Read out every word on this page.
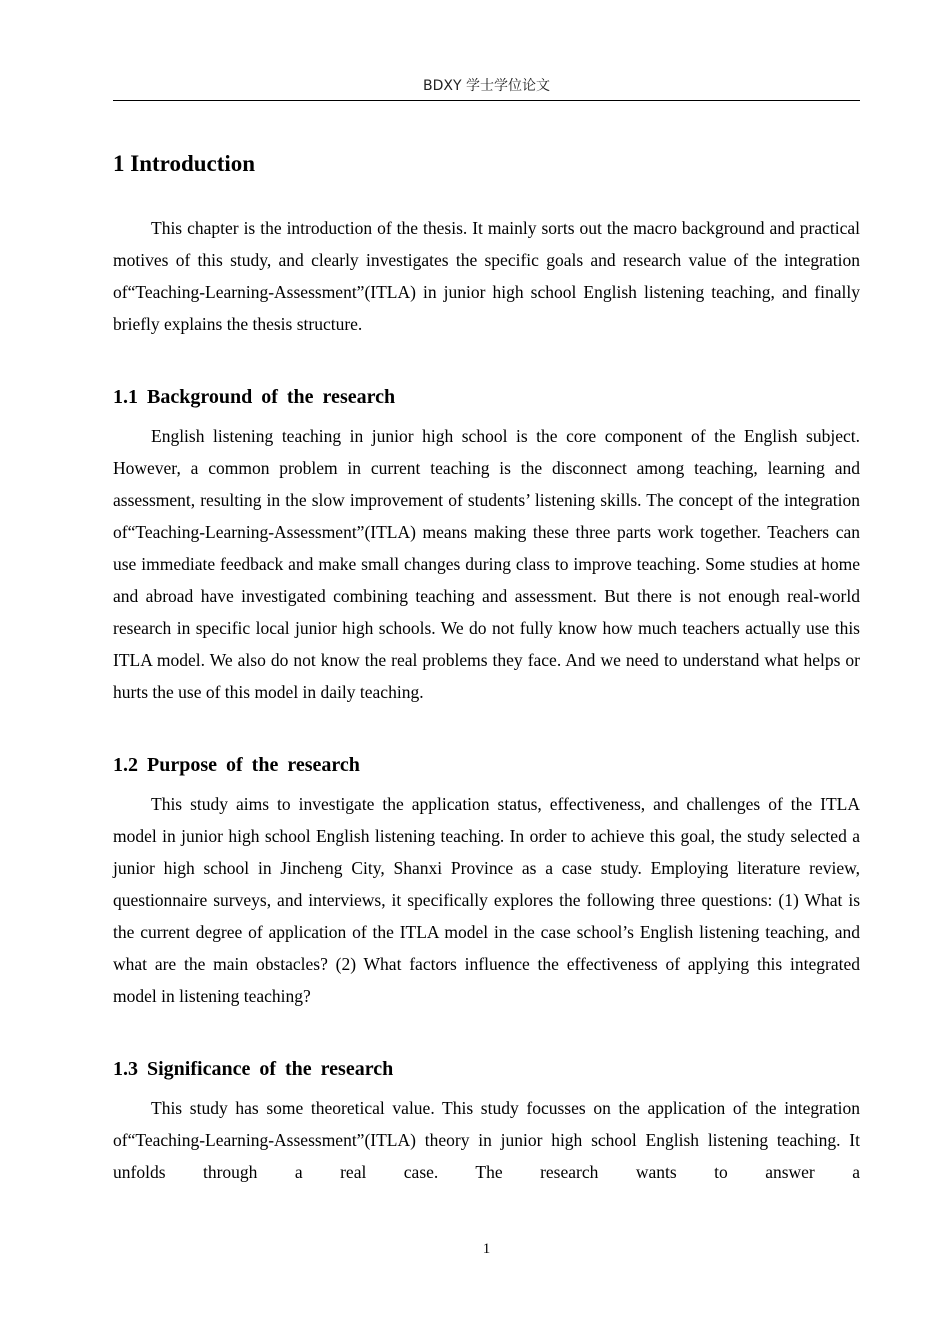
BDXY 学士学位论文
1 Introduction

This chapter is the introduction of the thesis. It mainly sorts out the macro background and practical motives of this study, and clearly investigates the specific goals and research value of the integration of“Teaching-Learning-Assessment”(ITLA) in junior high school English listening teaching, and finally briefly explains the thesis structure.

1.1 Background of the research

English listening teaching in junior high school is the core component of the English subject. However, a common problem in current teaching is the disconnect among teaching, learning and assessment, resulting in the slow improvement of students’ listening skills. The concept of the integration of“Teaching-Learning-Assessment”(ITLA) means making these three parts work together. Teachers can use immediate feedback and make small changes during class to improve teaching. Some studies at home and abroad have investigated combining teaching and assessment. But there is not enough real-world research in specific local junior high schools. We do not fully know how much teachers actually use this ITLA model. We also do not know the real problems they face. And we need to understand what helps or hurts the use of this model in daily teaching.

1.2 Purpose of the research

This study aims to investigate the application status, effectiveness, and challenges of the ITLA model in junior high school English listening teaching. In order to achieve this goal, the study selected a junior high school in Jincheng City, Shanxi Province as a case study. Employing literature review, questionnaire surveys, and interviews, it specifically explores the following three questions: (1) What is the current degree of application of the ITLA model in the case school’s English listening teaching, and what are the main obstacles? (2) What factors influence the effectiveness of applying this integrated model in listening teaching?

1.3 Significance of the research

This study has some theoretical value. This study focusses on the application of the integration of“Teaching-Learning-Assessment”(ITLA) theory in junior high school English listening teaching. It unfolds through a real case. The research wants to answer a

1
